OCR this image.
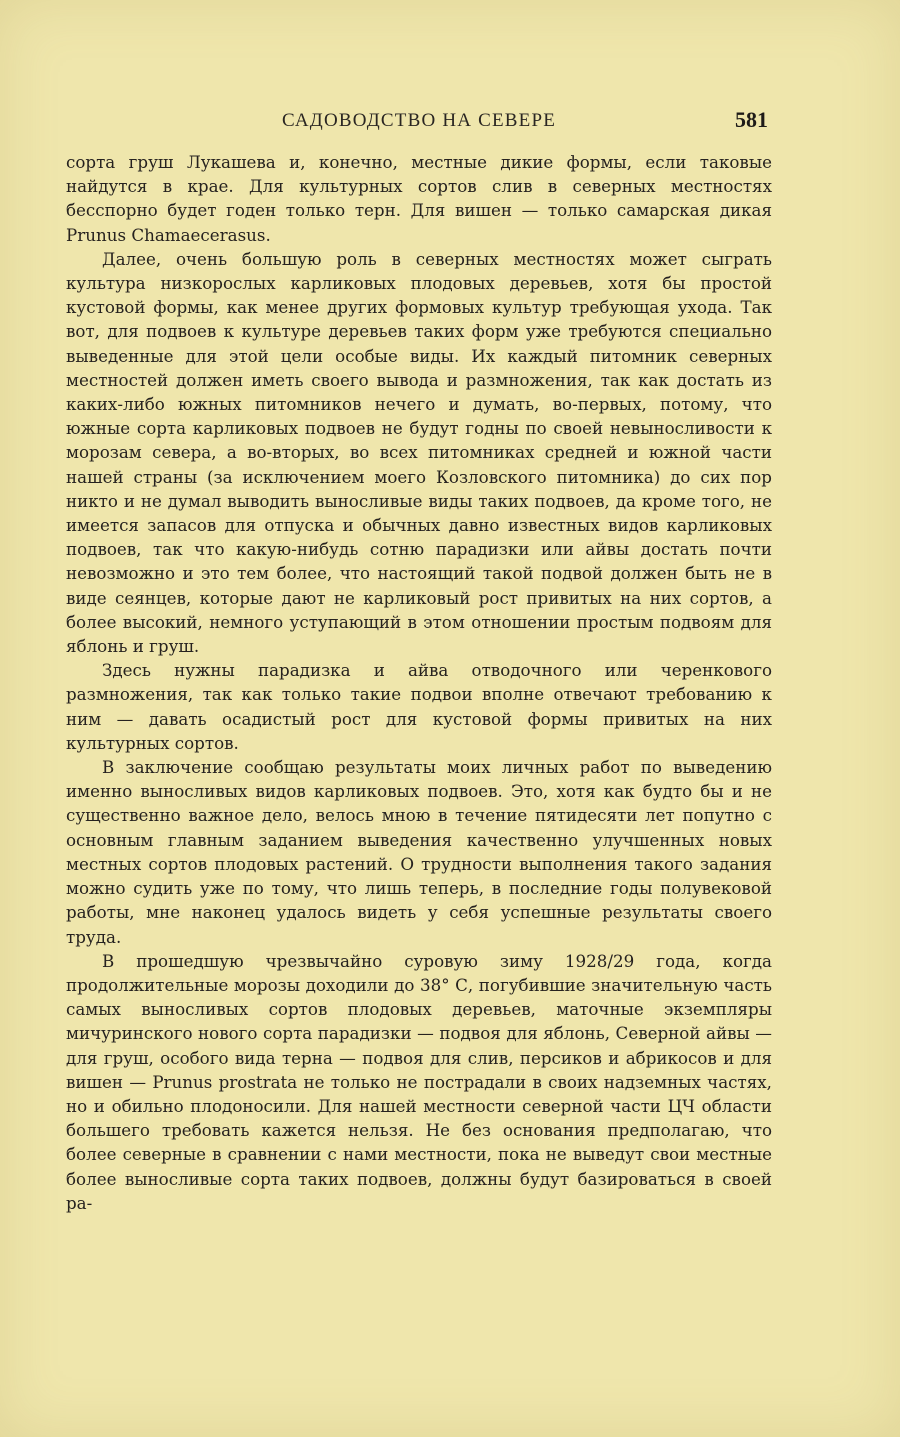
САДОВОДСТВО НА СЕВЕРЕ	581

сорта груш Лукашева и, конечно, местные дикие формы, если таковые найдутся в крае. Для культурных сортов слив в северных местностях бесспорно будет годен только терн. Для вишен — только самарская дикая Prunus Chamaecerasus.

Далее, очень большую роль в северных местностях может сыграть культура низкорослых карликовых плодовых деревьев, хотя бы простой кустовой формы, как менее других формовых культур требующая ухода. Так вот, для подвоев к культуре деревьев таких форм уже требуются специально выведенные для этой цели особые виды. Их каждый питомник северных местностей должен иметь своего вывода и размножения, так как достать из каких-либо южных питомников нечего и думать, во-первых, потому, что южные сорта карликовых подвоев не будут годны по своей невыносливости к морозам севера, а во-вторых, во всех питомниках средней и южной части нашей страны (за исключением моего Козловского питомника) до сих пор никто и не думал выводить выносливые виды таких подвоев, да кроме того, не имеется запасов для отпуска и обычных давно известных видов карликовых подвоев, так что какую-нибудь сотню парадизки или айвы достать почти невозможно и это тем более, что настоящий такой подвой должен быть не в виде сеянцев, которые дают не карликовый рост привитых на них сортов, а более высокий, немного уступающий в этом отношении простым подвоям для яблонь и груш.

Здесь нужны парадизка и айва отводочного или черенкового размножения, так как только такие подвои вполне отвечают требованию к ним — давать осадистый рост для кустовой формы привитых на них культурных сортов.

В заключение сообщаю результаты моих личных работ по выведению именно выносливых видов карликовых подвоев. Это, хотя как будто бы и не существенно важное дело, велось мною в течение пятидесяти лет попутно с основным главным заданием выведения качественно улучшенных новых местных сортов плодовых растений. О трудности выполнения такого задания можно судить уже по тому, что лишь теперь, в последние годы полувековой работы, мне наконец удалось видеть у себя успешные результаты своего труда.

В прошедшую чрезвычайно суровую зиму 1928/29 года, когда продолжительные морозы доходили до 38° С, погубившие значительную часть самых выносливых сортов плодовых деревьев, маточные экземпляры мичуринского нового сорта парадизки — подвоя для яблонь, Северной айвы — для груш, особого вида терна — подвоя для слив, персиков и абрикосов и для вишен — Prunus prostrata не только не пострадали в своих надземных частях, но и обильно плодоносили. Для нашей местности северной части ЦЧ области большего требовать кажется нельзя. Не без основания предполагаю, что более северные в сравнении с нами местности, пока не выведут свои местные более выносливые сорта таких подвоев, должны будут базироваться в своей ра-
